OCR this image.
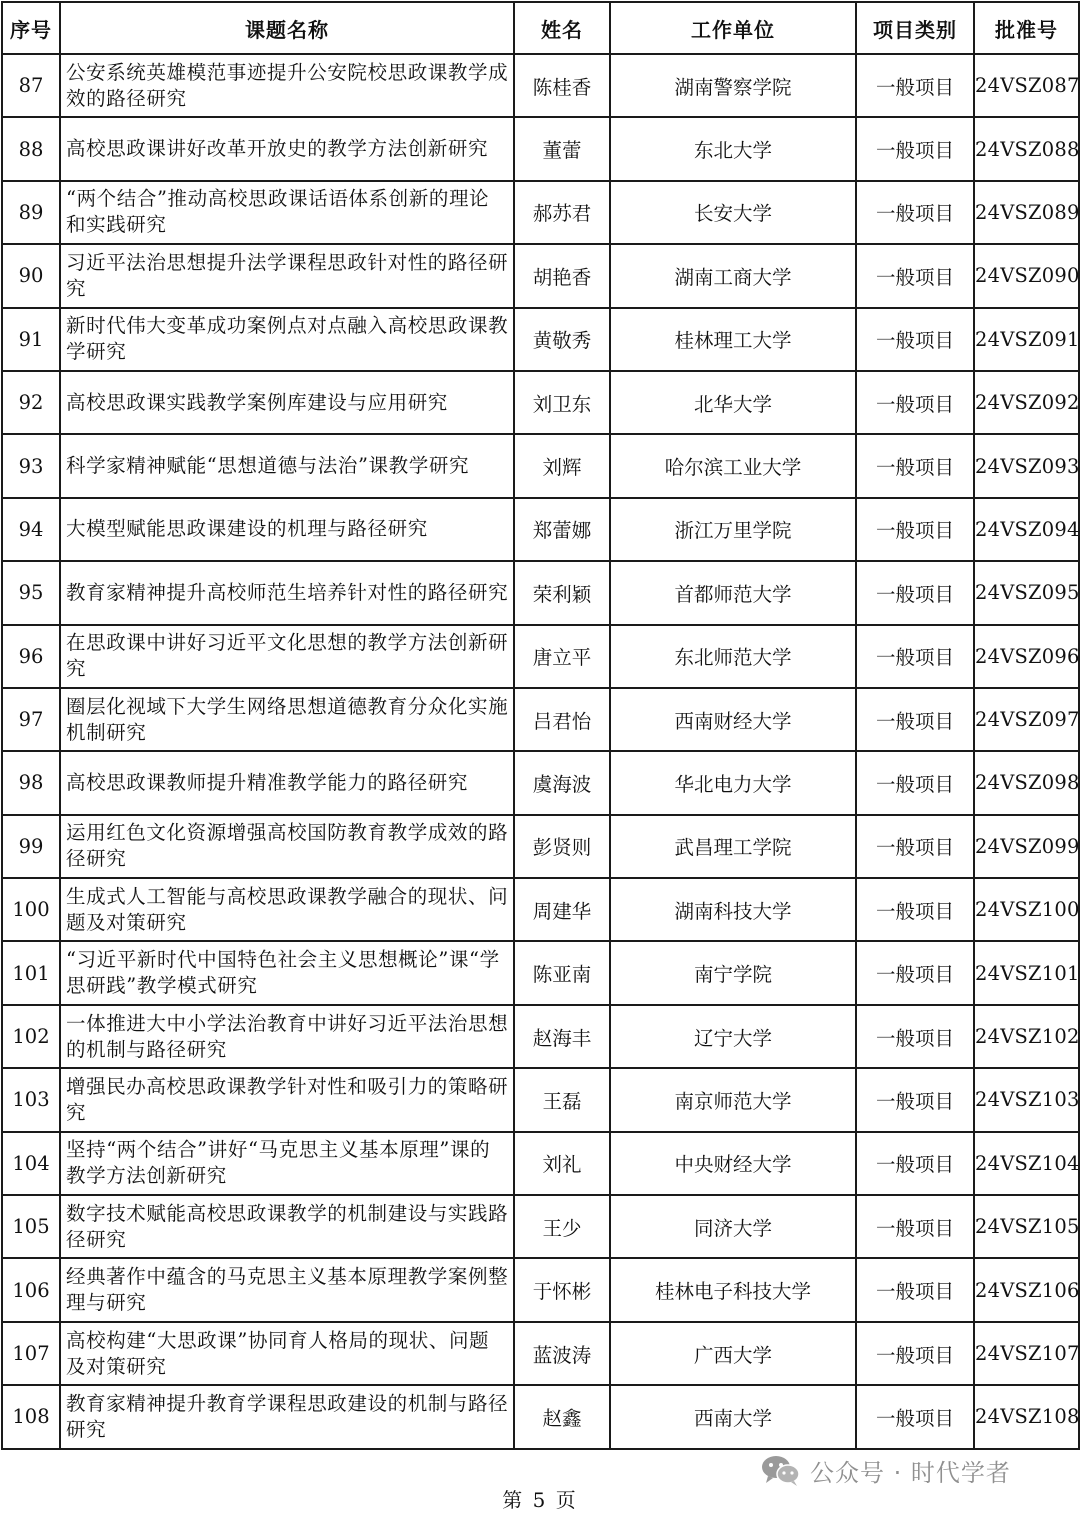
序号	课题名称	姓名	工作单位	项目类别	批准号
87	公安系统英雄模范事迹提升公安院校思政课教学成效的路径研究	陈桂香	湖南警察学院	一般项目	24VSZ087
88	高校思政课讲好改革开放史的教学方法创新研究	董蕾	东北大学	一般项目	24VSZ088
89	“两个结合”推动高校思政课话语体系创新的理论和实践研究	郝苏君	长安大学	一般项目	24VSZ089
90	习近平法治思想提升法学课程思政针对性的路径研究	胡艳香	湖南工商大学	一般项目	24VSZ090
91	新时代伟大变革成功案例点对点融入高校思政课教学研究	黄敬秀	桂林理工大学	一般项目	24VSZ091
92	高校思政课实践教学案例库建设与应用研究	刘卫东	北华大学	一般项目	24VSZ092
93	科学家精神赋能“思想道德与法治”课教学研究	刘辉	哈尔滨工业大学	一般项目	24VSZ093
94	大模型赋能思政课建设的机理与路径研究	郑蕾娜	浙江万里学院	一般项目	24VSZ094
95	教育家精神提升高校师范生培养针对性的路径研究	荣利颖	首都师范大学	一般项目	24VSZ095
96	在思政课中讲好习近平文化思想的教学方法创新研究	唐立平	东北师范大学	一般项目	24VSZ096
97	圈层化视域下大学生网络思想道德教育分众化实施机制研究	吕君怡	西南财经大学	一般项目	24VSZ097
98	高校思政课教师提升精准教学能力的路径研究	虞海波	华北电力大学	一般项目	24VSZ098
99	运用红色文化资源增强高校国防教育教学成效的路径研究	彭贤则	武昌理工学院	一般项目	24VSZ099
100	生成式人工智能与高校思政课教学融合的现状、问题及对策研究	周建华	湖南科技大学	一般项目	24VSZ100
101	“习近平新时代中国特色社会主义思想概论”课“学思研践”教学模式研究	陈亚南	南宁学院	一般项目	24VSZ101
102	一体推进大中小学法治教育中讲好习近平法治思想的机制与路径研究	赵海丰	辽宁大学	一般项目	24VSZ102
103	增强民办高校思政课教学针对性和吸引力的策略研究	王磊	南京师范大学	一般项目	24VSZ103
104	坚持“两个结合”讲好“马克思主义基本原理”课的教学方法创新研究	刘礼	中央财经大学	一般项目	24VSZ104
105	数字技术赋能高校思政课教学的机制建设与实践路径研究	王少	同济大学	一般项目	24VSZ105
106	经典著作中蕴含的马克思主义基本原理教学案例整理与研究	于怀彬	桂林电子科技大学	一般项目	24VSZ106
107	高校构建“大思政课”协同育人格局的现状、问题及对策研究	蓝波涛	广西大学	一般项目	24VSZ107
108	教育家精神提升教育学课程思政建设的机制与路径研究	赵鑫	西南大学	一般项目	24VSZ108
公众号 · 时代学者
第 5 页
